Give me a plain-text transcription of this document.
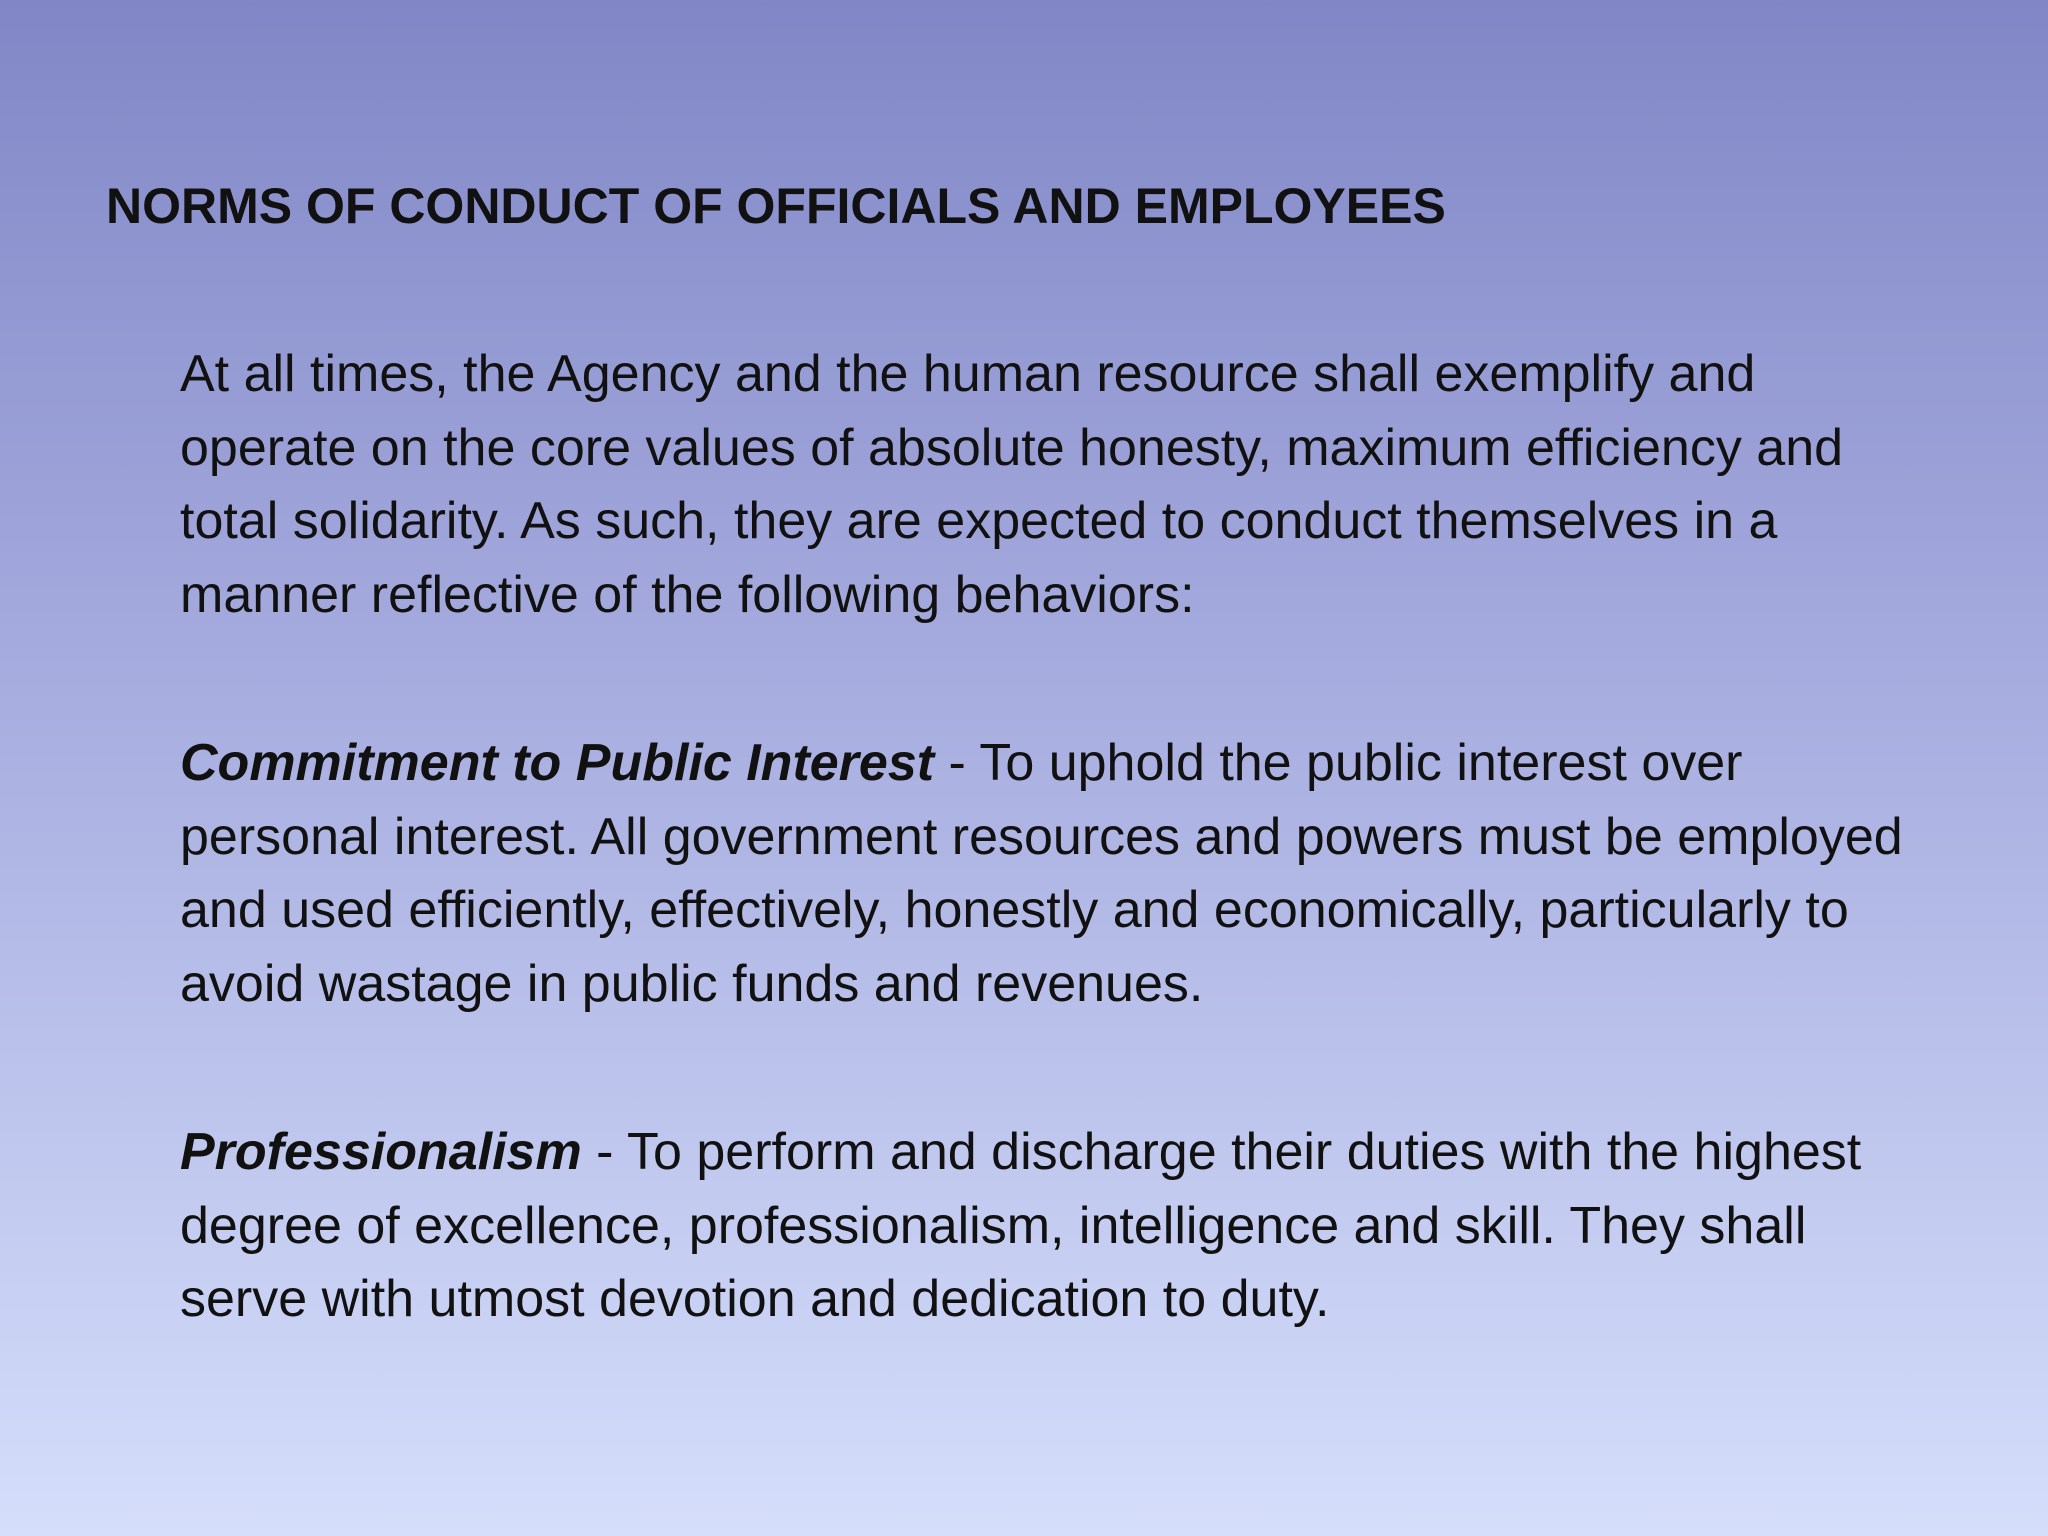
NORMS OF CONDUCT OF OFFICIALS AND EMPLOYEES

At all times, the Agency and the human resource shall exemplify and operate on the core values of absolute honesty, maximum efficiency and total solidarity. As such, they are expected to conduct themselves in a manner reflective of the following behaviors:

Commitment to Public Interest - To uphold the public interest over personal interest. All government resources and powers must be employed and used efficiently, effectively, honestly and economically, particularly to avoid wastage in public funds and revenues.

Professionalism - To perform and discharge their duties with the highest degree of excellence, professionalism, intelligence and skill. They shall serve with utmost devotion and dedication to duty.
